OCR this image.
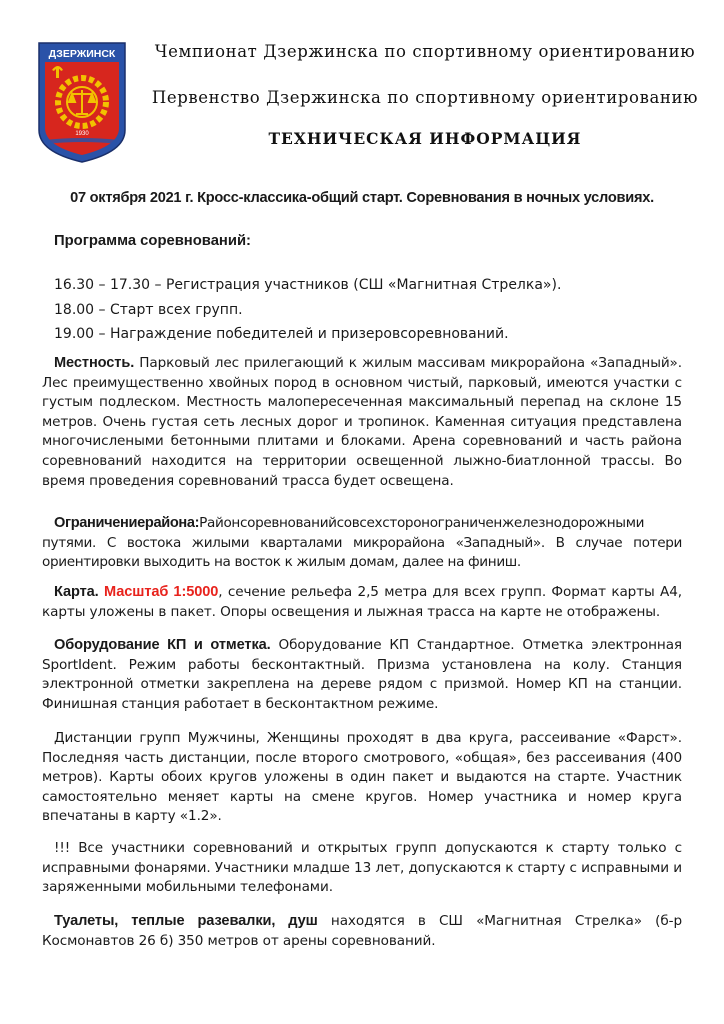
ДЗЕРЖИНСК
1930
Чемпионат Дзержинска по спортивному ориентированию
Первенство Дзержинска по спортивному ориентированию
ТЕХНИЧЕСКАЯ ИНФОРМАЦИЯ
07 октября 2021 г. Кросс-классика-общий старт. Соревнования в ночных условиях.
Программа соревнований:
16.30 – 17.30 – Регистрация участников (СШ «Магнитная Стрелка»).
18.00 – Старт всех групп.
19.00 – Награждение победителей и призеровсоревнований.
Местность. Парковый лес прилегающий к жилым массивам микрорайона «Западный». Лес преимущественно хвойных пород в основном чистый, парковый, имеются участки с густым подлеском. Местность малопересеченная максимальный перепад на склоне 15 метров. Очень густая сеть лесных дорог и тропинок. Каменная ситуация представлена многочислеными бетонными плитами и блоками. Арена соревнований и часть района соревнований находится на территории освещенной лыжно-биатлонной трассы. Во время проведения соревнований трасса будет освещена.
Ограничениерайона:Районсоревнованийсовсехсторонограниченжелезнодорожными путями. С востока жилыми кварталами микрорайона «Западный». В случае потери ориентировки выходить на восток к жилым домам, далее на финиш.
Карта. Масштаб 1:5000, сечение рельефа 2,5 метра для всех групп. Формат карты А4, карты уложены в пакет. Опоры освещения и лыжная трасса на карте не отображены.
Оборудование КП и отметка. Оборудование КП Стандартное. Отметка электронная SportIdent. Режим работы бесконтактный. Призма установлена на колу. Станция электронной отметки закреплена на дереве рядом с призмой. Номер КП на станции. Финишная станция работает в бесконтактном режиме.
Дистанции групп Мужчины, Женщины проходят в два круга, рассеивание «Фарст». Последняя часть дистанции, после второго смотрового, «общая», без рассеивания (400 метров). Карты обоих кругов уложены в один пакет и выдаются на старте. Участник самостоятельно меняет карты на смене кругов. Номер участника и номер круга впечатаны в карту «1.2».
!!! Все участники соревнований и открытых групп допускаются к старту только с исправными фонарями. Участники младше 13 лет, допускаются к старту с исправными и заряженными мобильными телефонами.
Туалеты, теплые разевалки, душ находятся в СШ «Магнитная Стрелка» (б-р Космонавтов 26 б) 350 метров от арены соревнований.
